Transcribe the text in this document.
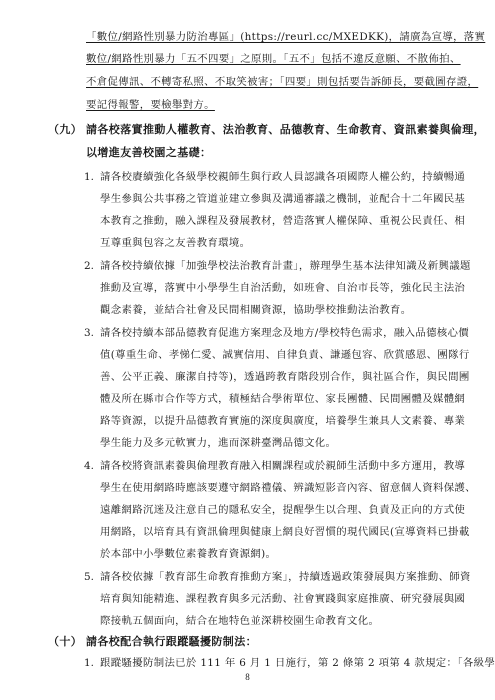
「數位/網路性別暴力防治專區」(https://reurl.cc/MXEDKK)，請廣為宣導，落實
數位/網路性別暴力「五不四要」之原則。「五不」包括不違反意願、不散佈拍、
不倉促傳訊、不轉寄私照、不取笑被害；「四要」則包括要告訴師長，要截圖存證，
要記得報警，要檢舉對方。
（九） 請各校落實推動人權教育、法治教育、品德教育、生命教育、資訊素養與倫理，
以增進友善校園之基礎：
1. 請各校賡續強化各級學校親師生與行政人員認識各項國際人權公約，持續暢通
學生參與公共事務之管道並建立參與及溝通審議之機制，並配合十二年國民基
本教育之推動，融入課程及發展教材，營造落實人權保障、重視公民責任、相
互尊重與包容之友善教育環境。
2. 請各校持續依據「加強學校法治教育計畫」，辦理學生基本法律知識及新興議題
推動及宣導，落實中小學學生自治活動，如班會、自治市長等，強化民主法治
觀念素養，並結合社會及民間相關資源，協助學校推動法治教育。
3. 請各校持續本部品德教育促進方案理念及地方/學校特色需求，融入品德核心價
值(尊重生命、孝悌仁愛、誠實信用、自律負責、謙遜包容、欣賞感恩、團隊行
善、公平正義、廉潔自持等)，透過跨教育階段別合作，與社區合作，與民間團
體及所在縣市合作等方式，積極結合學術單位、家長團體、民間團體及媒體網
路等資源，以提升品德教育實施的深度與廣度，培養學生兼具人文素養、專業
學生能力及多元軟實力，進而深耕臺灣品德文化。
4. 請各校將資訊素養與倫理教育融入相關課程或於親師生活動中多方運用，教導
學生在使用網路時應該要遵守網路禮儀、辨識短影音內容、留意個人資料保護、
遠離網路沉迷及注意自己的隱私安全，提醒學生以合理、負責及正向的方式使
用網路，以培育具有資訊倫理與健康上網良好習慣的現代國民(宣導資料已掛載
於本部中小學數位素養教育資源網)。
5. 請各校依據「教育部生命教育推動方案」，持續透過政策發展與方案推動、師資
培育與知能精進、課程教育與多元活動、社會實踐與家庭推廣、研究發展與國
際接軌五個面向，結合在地特色並深耕校園生命教育文化。
（十） 請各校配合執行跟蹤騷擾防制法：
1. 跟蹤騷擾防制法已於 111 年 6 月 1 日施行，第 2 條第 2 項第 4 款規定：「各級學
8
